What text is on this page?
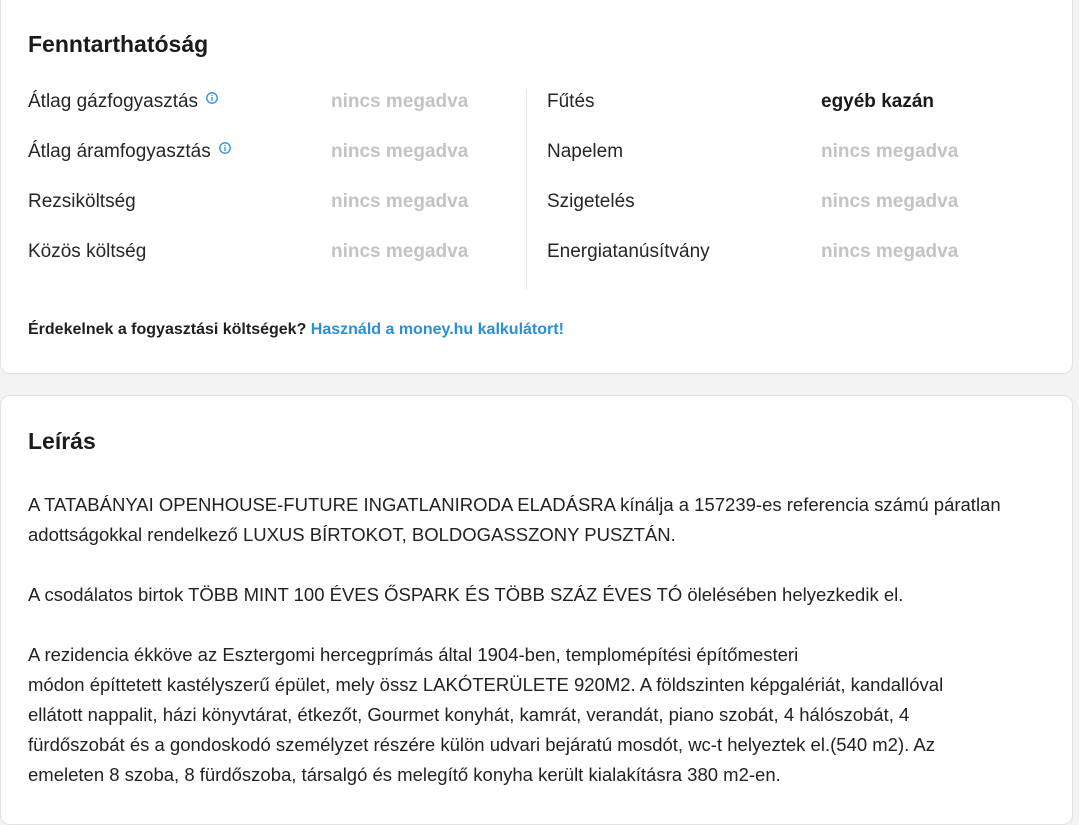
Fenntarthatóság
Átlag gázfogyasztás	nincs megadva
Átlag áramfogyasztás	nincs megadva
Rezsiköltség	nincs megadva
Közös költség	nincs megadva
Fűtés	egyéb kazán
Napelem	nincs megadva
Szigetelés	nincs megadva
Energiatanúsítvány	nincs megadva
Érdekelnek a fogyasztási költségek? Használd a money.hu kalkulátort!
Leírás

A TATABÁNYAI OPENHOUSE-FUTURE INGATLANIRODA ELADÁSRA kínálja a 157239-es referencia számú páratlan
adottságokkal rendelkező LUXUS BÍRTOKOT, BOLDOGASSZONY PUSZTÁN.

A csodálatos birtok TÖBB MINT 100 ÉVES ŐSPARK ÉS TÖBB SZÁZ ÉVES TÓ ölelésében helyezkedik el.

A rezidencia ékköve az Esztergomi hercegprímás által 1904-ben, templomépítési építőmesteri
módon építtetett kastélyszerű épület, mely össz LAKÓTERÜLETE 920M2. A földszinten képgalériát, kandallóval
ellátott nappalit, házi könyvtárat, étkezőt, Gourmet konyhát, kamrát, verandát, piano szobát, 4 hálószobát, 4
fürdőszobát és a gondoskodó személyzet részére külön udvari bejáratú mosdót, wc-t helyeztek el.(540 m2). Az
emeleten 8 szoba, 8 fürdőszoba, társalgó és melegítő konyha került kialakításra 380 m2-en.
